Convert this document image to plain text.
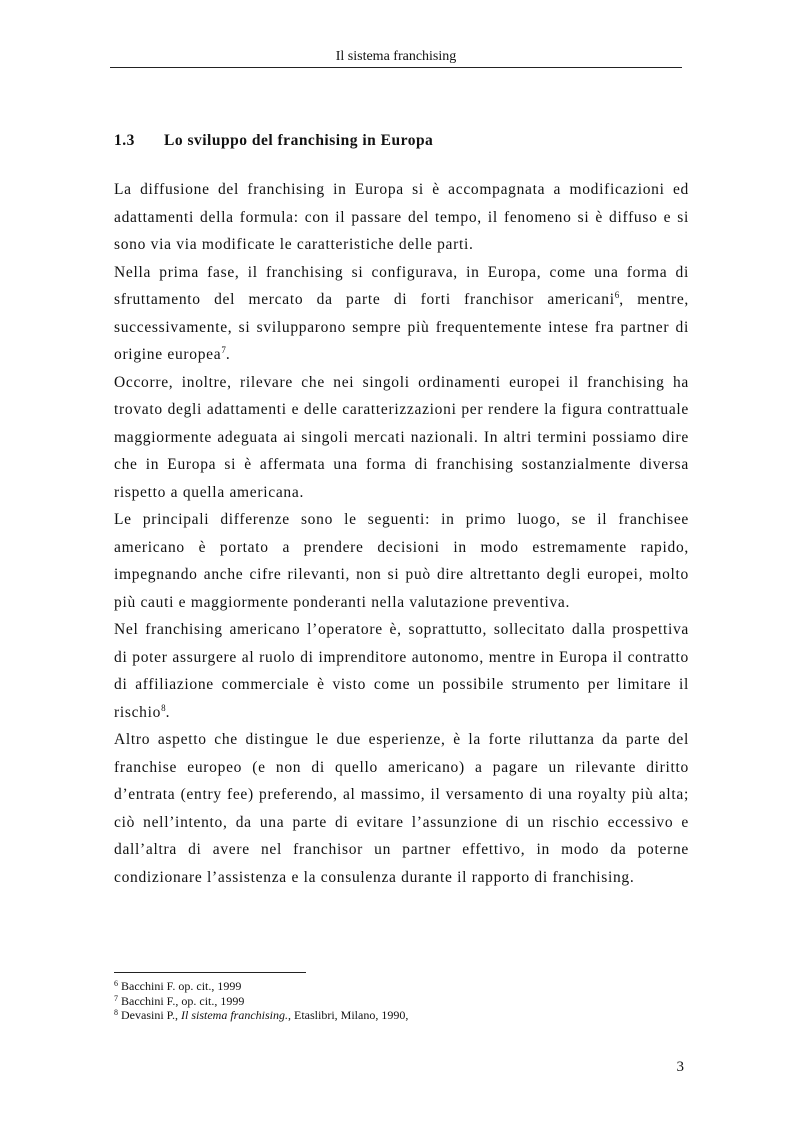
Il sistema franchising
1.3 Lo sviluppo del franchising in Europa

La diffusione del franchising in Europa si è accompagnata a modificazioni ed adattamenti della formula: con il passare del tempo, il fenomeno si è diffuso e si sono via via modificate le caratteristiche delle parti.

Nella prima fase, il franchising si configurava, in Europa, come una forma di sfruttamento del mercato da parte di forti franchisor americani$^6$, mentre, successivamente, si svilupparono sempre più frequentemente intese fra partner di origine europea$^7$.

Occorre, inoltre, rilevare che nei singoli ordinamenti europei il franchising ha trovato degli adattamenti e delle caratterizzazioni per rendere la figura contrattuale maggiormente adeguata ai singoli mercati nazionali. In altri termini possiamo dire che in Europa si è affermata una forma di franchising sostanzialmente diversa rispetto a quella americana.

Le principali differenze sono le seguenti: in primo luogo, se il franchisee americano è portato a prendere decisioni in modo estremamente rapido, impegnando anche cifre rilevanti, non si può dire altrettanto degli europei, molto più cauti e maggiormente ponderanti nella valutazione preventiva.

Nel franchising americano l’operatore è, soprattutto, sollecitato dalla prospettiva di poter assurgere al ruolo di imprenditore autonomo, mentre in Europa il contratto di affiliazione commerciale è visto come un possibile strumento per limitare il rischio$^8$.

Altro aspetto che distingue le due esperienze, è la forte riluttanza da parte del franchise europeo (e non di quello americano) a pagare un rilevante diritto d’entrata (entry fee) preferendo, al massimo, il versamento di una royalty più alta; ciò nell’intento, da una parte di evitare l’assunzione di un rischio eccessivo e dall’altra di avere nel franchisor un partner effettivo, in modo da poterne condizionare l’assistenza e la consulenza durante il rapporto di franchising.

$^6$ Bacchini F. op. cit., 1999
$^7$ Bacchini F., op. cit., 1999
$^8$ Devasini P., Il sistema franchising., Etaslibri, Milano, 1990,
3
